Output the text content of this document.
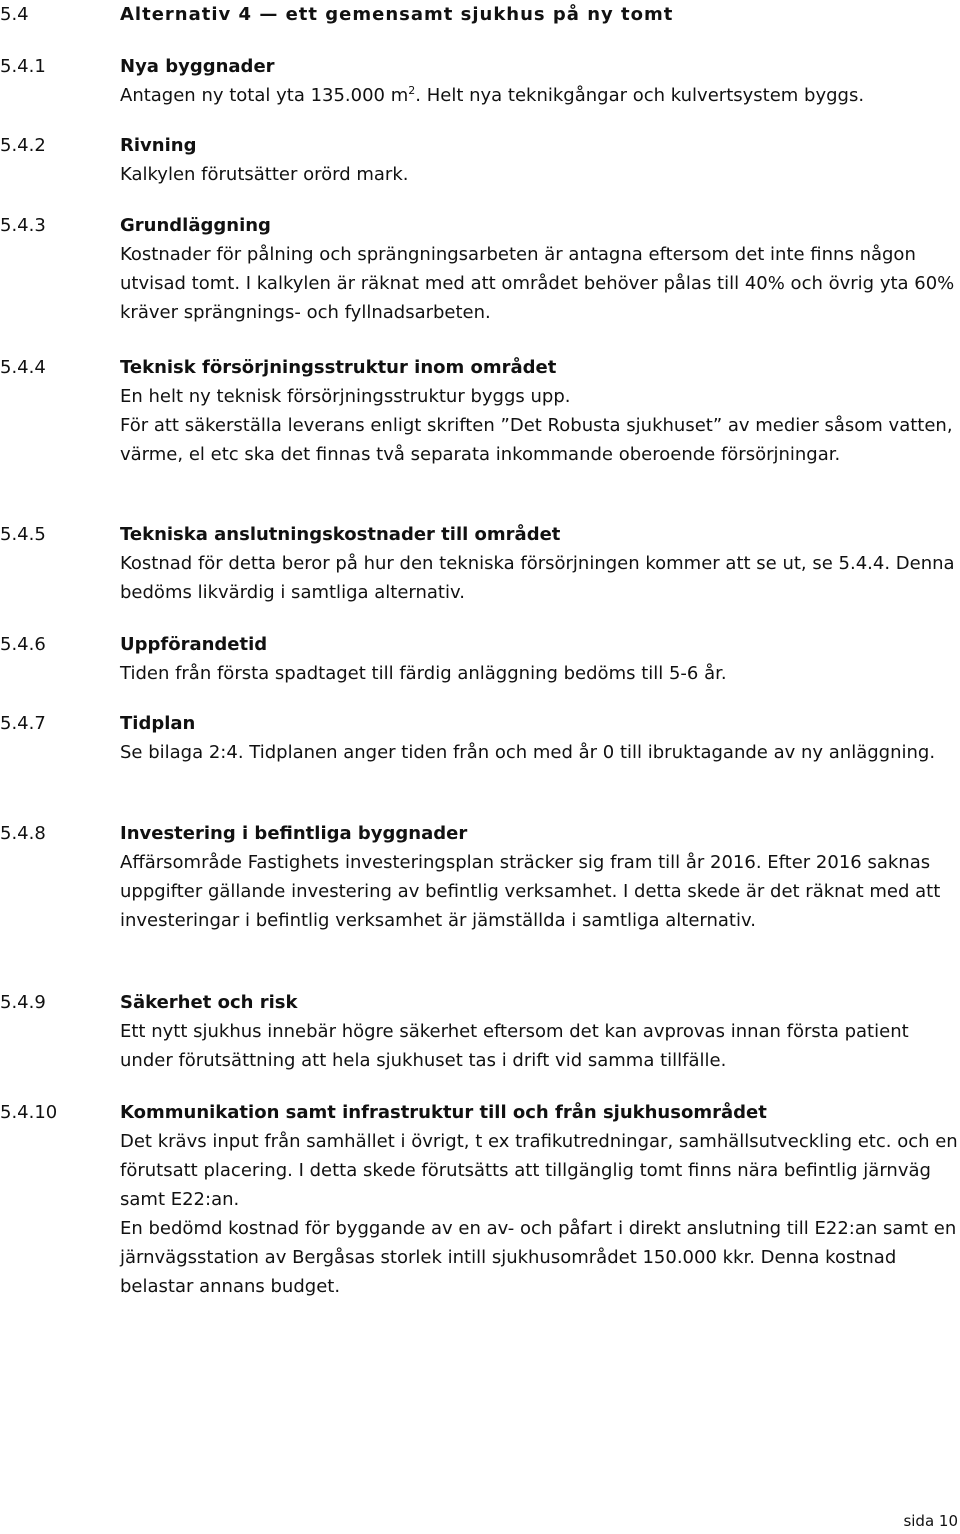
5.4	Alternativ 4 — ett gemensamt sjukhus på ny tomt
5.4.1	Nya byggnader

Antagen ny total yta 135.000 $m^2$. Helt nya teknikgångar och kulvertsystem byggs.

5.4.2	Rivning

Kalkylen förutsätter orörd mark.

5.4.3	Grundläggning

Kostnader för pålning och sprängningsarbeten är antagna eftersom det inte finns någon utvisad tomt. I kalkylen är räknat med att området behöver pålas till 40% och övrig yta 60% kräver sprängnings- och fyllnadsarbeten.

5.4.4	Teknisk försörjningsstruktur inom området

En helt ny teknisk försörjningsstruktur byggs upp.

För att säkerställa leverans enligt skriften ”Det Robusta sjukhuset” av medier såsom vatten, värme, el etc ska det finnas två separata inkommande oberoende försörjningar.

5.4.5	Tekniska anslutningskostnader till området

Kostnad för detta beror på hur den tekniska försörjningen kommer att se ut, se 5.4.4. Denna bedöms likvärdig i samtliga alternativ.

5.4.6	Uppförandetid

Tiden från första spadtaget till färdig anläggning bedöms till 5-6 år.

5.4.7	Tidplan

Se bilaga 2:4. Tidplanen anger tiden från och med år 0 till ibruktagande av ny anläggning.

5.4.8	Investering i befintliga byggnader

Affärsområde Fastighets investeringsplan sträcker sig fram till år 2016. Efter 2016 saknas uppgifter gällande investering av befintlig verksamhet. I detta skede är det räknat med att investeringar i befintlig verksamhet är jämställda i samtliga alternativ.

5.4.9	Säkerhet och risk

Ett nytt sjukhus innebär högre säkerhet eftersom det kan avprovas innan första patient under förutsättning att hela sjukhuset tas i drift vid samma tillfälle.

5.4.10	Kommunikation samt infrastruktur till och från sjukhusområdet

Det krävs input från samhället i övrigt, t ex trafikutredningar, samhällsutveckling etc. och en förutsatt placering. I detta skede förutsätts att tillgänglig tomt finns nära befintlig järnväg samt E22:an.

En bedömd kostnad för byggande av en av- och påfart i direkt anslutning till E22:an samt en järnvägsstation av Bergåsas storlek intill sjukhusområdet 150.000 kkr. Denna kostnad belastar annans budget.

sida 10
